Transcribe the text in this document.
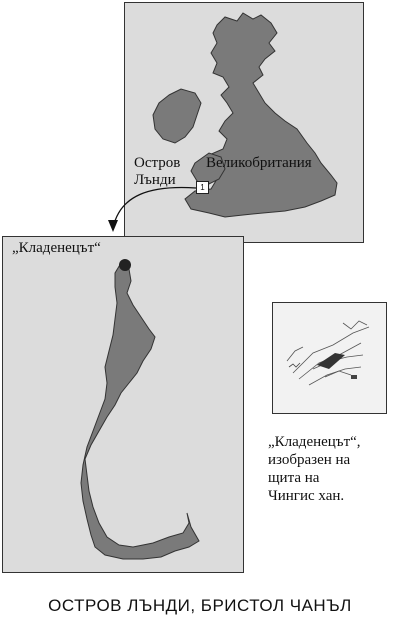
Остров
Лънди
Великобритания
1
„Кладенецът“
„Кладенецът“,
изобразен на
щита на
Чингис хан.
ОСТРОВ ЛЪНДИ, БРИСТОЛ ЧАНЪЛ
